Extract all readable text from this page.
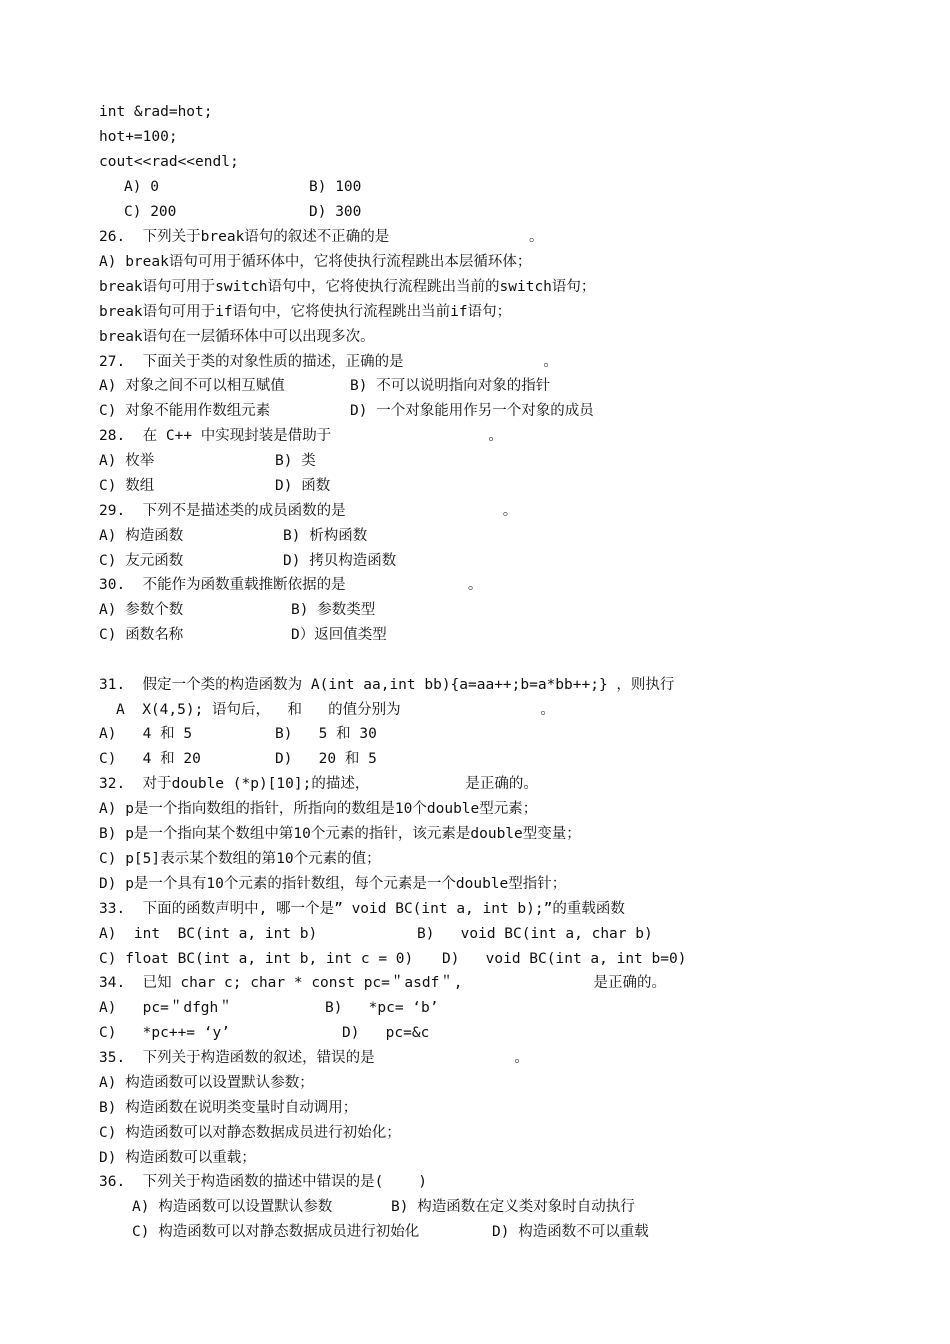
int &rad=hot;
hot+=100;
cout<<rad<<endl;
A) 0	B) 100
C) 200	D) 300
26.  下列关于break语句的叙述不正确的是                。
A) break语句可用于循环体中，它将使执行流程跳出本层循环体；
break语句可用于switch语句中，它将使执行流程跳出当前的switch语句；
break语句可用于if语句中，它将使执行流程跳出当前if语句；
break语句在一层循环体中可以出现多次。
27.  下面关于类的对象性质的描述，正确的是                。
A) 对象之间不可以相互赋值	B) 不可以说明指向对象的指针
C) 对象不能用作数组元素	D) 一个对象能用作另一个对象的成员
28.  在 C++ 中实现封装是借助于                  。
A) 枚举	B) 类
C) 数组	D) 函数
29.  下列不是描述类的成员函数的是                  。
A) 构造函数	B) 析构函数
C) 友元函数	D) 拷贝构造函数
30.  不能作为函数重载推断依据的是              。
A) 参数个数	B) 参数类型
C) 函数名称	D）返回值类型
31.  假定一个类的构造函数为 A(int aa,int bb){a=aa++;b=a*bb++;} ，则执行
A  X(4,5); 语句后，  和   的值分别为                。
A)   4 和 5	B)   5 和 30
C)   4 和 20	D)   20 和 5
32.  对于double (*p)[10];的描述，           是正确的。
A) p是一个指向数组的指针，所指向的数组是10个double型元素；
B) p是一个指向某个数组中第10个元素的指针，该元素是double型变量；
C) p[5]表示某个数组的第10个元素的值；
D) p是一个具有10个元素的指针数组，每个元素是一个double型指针；
33.  下面的函数声明中, 哪一个是” void BC(int a, int b);”的重载函数
A)  int  BC(int a, int b)	B)   void BC(int a, char b)
C) float BC(int a, int b, int c = 0) D)   void BC(int a, int b=0)
34.  已知 char c; char * const pc=＂asdf＂,               是正确的。
A)   pc=＂dfgh＂	B)   *pc= ‘b’
C)   *pc++= ‘y’	D)   pc=&c
35.  下列关于构造函数的叙述，错误的是                。
A) 构造函数可以设置默认参数；
B) 构造函数在说明类变量时自动调用；
C) 构造函数可以对静态数据成员进行初始化；
D) 构造函数可以重载；
36.  下列关于构造函数的描述中错误的是(    )
A) 构造函数可以设置默认参数	B) 构造函数在定义类对象时自动执行
C) 构造函数可以对静态数据成员进行初始化	D) 构造函数不可以重载
